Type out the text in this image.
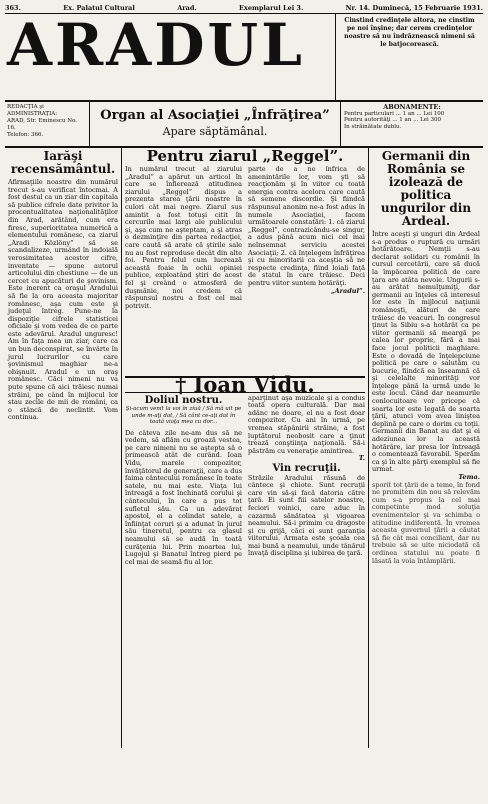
363.	Ex. Palatul Cultural	Arad.	Exemplarul Lei 3.	Nr. 14. Duminecă, 15 Februarie 1931.
ARADUL	Cinstind credinţele altora, ne cinstim pe noi înşine; dar cerem credinţelor noastre să nu îndrăznească nimeni să le batjocorească.
REDACŢIA şi ADMINISTRAŢIA:
ARAD, Str. Eminescu No. 16.
Telefon: 366.
Organ al Asociaţiei „Înfrăţirea”
Apare săptămânal.
ABONAMENTE:
Pentru particulari ... 1 an ... Lei 100
Pentru autorităţi ... 1 an ... Lei 300
In străinătate dublu.
Iarăşi recensământul.
Afirmaţiile noastre din numărul trecut s-au verificat întocmai. A fost destul ca un ziar din capitala să publice cifrele date privitor la procentualitatea naţionalităţilor din Arad, arătând, cum era firesc, superioritatea numerică a elementului românesc, ca ziarul „Aradi Közlöny” să se scandalizeze, urmând în indoială verosimitatea acestor cifre, inventate — spune autorul articolului din chestiune — de un cercet cu apucături de şovinism. Este inerent ca oraşul Aradului să fie la ora aceasta majoritar românesc, aşa cum este şi judeţul întreg. Pune-ne la dispoziţie cifrele statisticei oficiale şi vom vedea de ce parte este adevărul. Aradul unguresc! Am în faţa mea un ziar, care ca un bun deconspirat, se învârte în jurul lucrurilor cu care şovinismul maghiar ne-a obişnuit. Aradul e un oraş românesc. Căci nimeni nu va pute spune că aici trăiesc numai străini, pe când în mijlocul lor stau zecile de mii de români, ca o stâncă de neclintit. Vom continua.
Pentru ziarul „Reggel”.
În numărul trecut al ziarului „Aradul” a apărut un articol în care se înfierează atitudinea ziarului „Reggel” dispus a prezenta starea ţării noastre în culori cât mai negre. Ziarul sus amintit a fost totuşi citit în cercurile mai largi ale publicului şi, aşa cum ne aşteptam, a şi atras o dezminţire din partea redacţiei, care caută să arate că ştirile sale nu au fost reproduse decât din alte foi. Pentru felul cum lucrează această foaie în ochii opiniei publice, exploatând ştiri de acest fel şi creând o atmosferă de duşmănie, noi credem că răspunsul nostru a fost cel mai potrivit.
parte de a ne înfrica de amenintările lor, vom şti să reacţionăm şi în viitor cu toată energia contra acelora care caută să semene discordie. Şi fiindcă răspunsul anonim ne-a fost adus în numele Asociaţiei, facem următoarele constatări: 1. că ziarul „Reggel”, contrazicându-se singur, a adus pânâ acum nici cel mai neînsemnat serviciu acestei Asociaţii; 2. că înţelegem înfrăţirea şi cu minoritarii ca aceştia să ne respecte credinţa, fiind loiali faţă de statul în care trăiesc. Deci pentru viitor suntem hotărâţi.
„Aradul”.
† Ioan Vidu.
Doliul nostru.
Şi-acum venit la voi în ziuă / Să mă uit pe unde m-aţi dat, / Să cânt ce-aţi dat în toată viaţa mea cu dor...
De câteva zile ne-am dus să ne vedem, să aflăm cu groază vestea, pe care nimeni nu se aştepta să o primească atât de curând. Ioan Vidu, marele compozitor, învăţătorul de generaţii, care a dus faima cântecului românesc în toate satele, nu mai este. Viaţa lui întreagă a fost închinată corului şi cântecului, în care a pus tot sufletul său. Ca un adevărat apostol, el a colindat satele, a înfiinţat coruri şi a adunat în jurul său tineretul, pentru ca glasul neamului să se audă în toată curăţenia lui. Prin moartea lui, Lugojul şi Banatul întreg pierd pe cel mai de seamă fiu al lor.
aparţinut aşa muzicale şi a condus toată opera culturală. Dar mai adânc ne doare, el nu a fost doar compozitor. Cu ani în urmă, pe vremea stăpânirii străine, a fost luptătorul neobosit care a ţinut trează conştiinţa naţională. Să-i păstrăm cu veneraţie amintirea.
T.
Vin recruţii.
Străzile Aradului răsună de cântece şi chiote. Sunt recruţii care vin să-şi facă datoria către ţară. Ei sunt fiii satelor noastre, feciori voinici, care aduc în cazarmă sănătatea şi vigoarea neamului. Să-i primim cu dragoste şi cu grijă, căci ei sunt garanţia viitorului. Armata este şcoala cea mai bună a neamului, unde tânărul învaţă disciplina şi iubirea de ţară.
Germanii din România se izolează de politica ungurilor din Ardeal.
Între aceşti şi unguri din Ardeal s-a produs o ruptură cu urmări hotărâtoare. Nemţii s-au declarat solidari cu românii în cursul cercetării, care să ducă la împăcarea politică de care ţara are atâta nevoie. Ungurii s-au arătat nemulţumiţi, dar germanii au înţeles că interesul lor este în mijlocul naţiunii româneşti, alături de care trăiesc de veacuri. În congresul ţinut la Sibiu s-a hotărât ca pe viitor germanii să meargă pe calea lor proprie, fără a mai face jocul politicii maghiare. Este o dovadă de înţelepciune politică pe care o salutăm cu bucurie, fiindcă ea înseamnă că şi celelalte minorităţi vor înţelege până la urmă unde le este locul. Când dar neamurile conlocuitoare vor pricepe că soarta lor este legată de soarta ţării, atunci vom avea liniştea deplină pe care o dorim cu toţii. Germanii din Banat au dat şi ei adeziunea lor la această hotărâre, iar presa lor întreagă o comentează favorabil. Sperăm ca şi în alte părţi exemplul să fie urmat.
Tema.
sporit tot ţării de a teme, în fond ne promitem din nou să relevăm cum s-a propus la cel mai competinte mod soluţia evenimentelor şi va schimba o atitudine indiferentă. În vremea aceasta guvernul ţării a căutat să fie cât mai conciliant, dar nu trebuie să se uite niciodată că ordinea statului nu poate fi lăsată la voia întâmplării.
